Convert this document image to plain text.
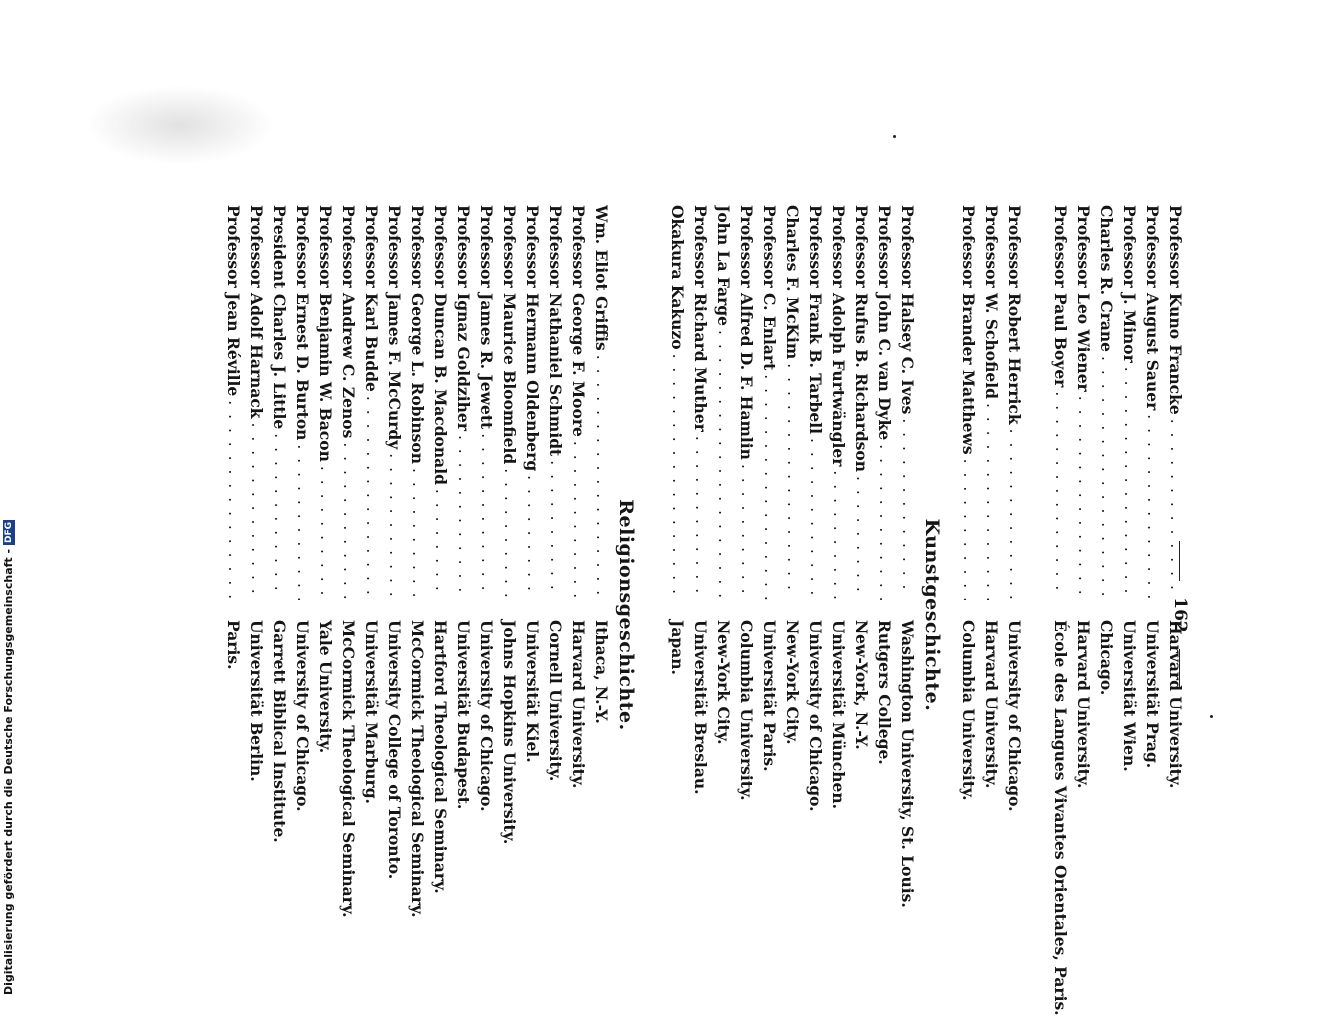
162
Professor Kuno Francke
. . .
Harvard University.
Professor August Sauer
. . .
Universität Prag.
Professor J. Minor
. . .
Universität Wien.
Charles R. Crane
. . .
Chicago.
Professor Leo Wiener
. . .
Harvard University.
Professor Paul Boyer
. . .
École des Langues Vivantes Orientales, Paris.
Professor Robert Herrick
. . .
University of Chicago.
Professor W. Schofield
. . .
Harvard University.
Professor Brander Matthews
. . .
Columbia University.
Kunstgeschichte.
Professor Halsey C. Ives
. . .
Washington University, St. Louis.
Professor John C. van Dyke
. . .
Rutgers College.
Professor Rufus B. Richardson
. . .
New-York, N.-Y.
Professor Adolph Furtwängler
. . .
Universität München.
Professor Frank B. Tarbell
. . .
University of Chicago.
Charles F. McKim
. . .
New-York City.
Professor C. Enlart
. . .
Universität Paris.
Professor Alfred D. F. Hamlin
. . .
Columbia University.
John La Farge
. . .
New-York City.
Professor Richard Muther
. . .
Universität Breslau.
Okakura Kakuzo
. . .
Japan.
Religionsgeschichte.
Wm. Eliot Griffis
. . .
Ithaca, N.-Y.
Professor George F. Moore
. . .
Harvard University.
Professor Nathaniel Schmidt
. . .
Cornell University.
Professor Hermann Oldenberg
. . .
Universität Kiel.
Professor Maurice Bloomfield
. . .
Johns Hopkins University.
Professor James R. Jewett
. . .
University of Chicago.
Professor Ignaz Goldziher
. . .
Universität Budapest.
Professor Duncan B. Macdonald
. . .
Hartford Theological Seminary.
Professor George L. Robinson
. . .
McCormick Theological Seminary.
Professor James F. McCurdy
. . .
University College of Toronto.
Professor Karl Budde
. . .
Universität Marburg.
Professor Andrew C. Zenos
. . .
McCormick Theological Seminary.
Professor Benjamin W. Bacon
. . .
Yale University.
Professor Ernest D. Burton
. . .
University of Chicago.
President Charles J. Little
. . .
Garrett Biblical Institute.
Professor Adolf Harnack
. . .
Universität Berlin.
Professor Jean Réville
. . .
Paris.
Digitalisierung gefördert durch die Deutsche Forschungsgemeinschaft -
DFG
